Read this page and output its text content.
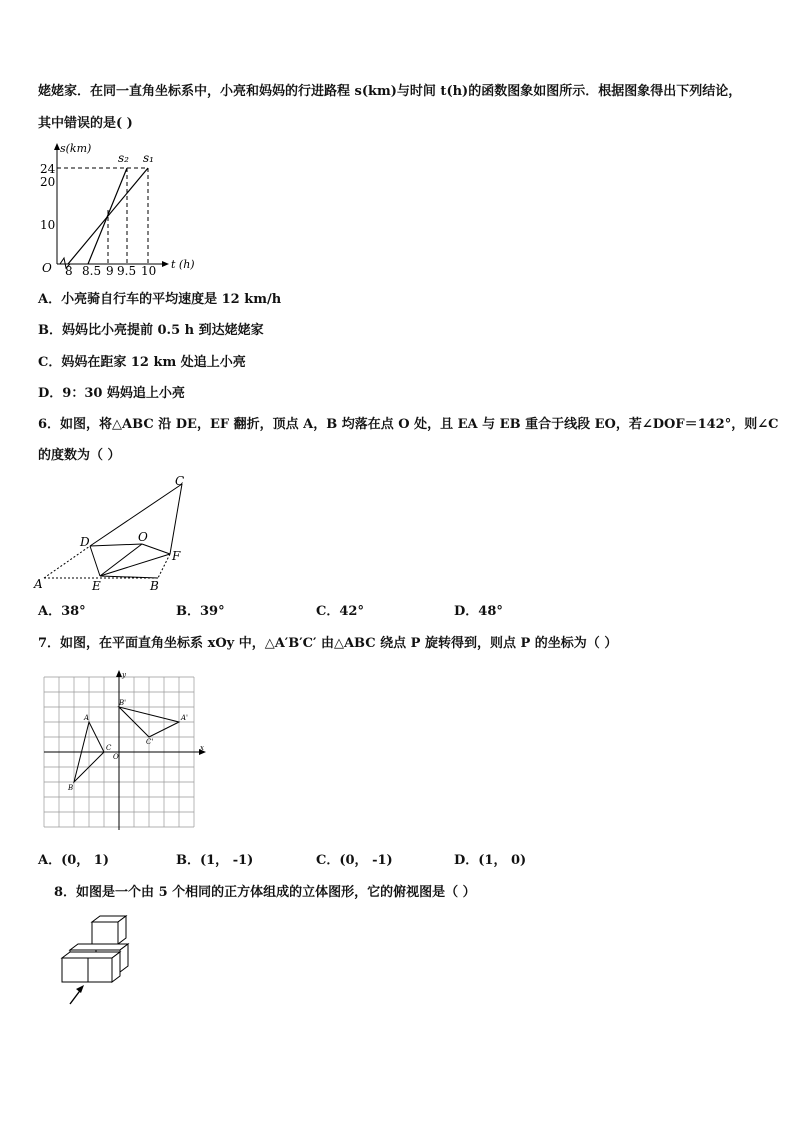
姥姥家．在同一直角坐标系中，小亮和妈妈的行进路程 s(km)与时间 t(h)的函数图象如图所示．根据图象得出下列结论，
其中错误的是( )
s(km)
t (h)
O
24
20
10
8 8.5 9 9.5 10
s₂ s₁
A．小亮骑自行车的平均速度是 12 km/h
B．妈妈比小亮提前 0.5 h 到达姥姥家
C．妈妈在距家 12 km 处追上小亮
D．9：30 妈妈追上小亮
6．如图，将△ABC 沿 DE，EF 翻折，顶点 A，B 均落在点 O 处，且 EA 与 EB 重合于线段 EO，若∠DOF＝142°，则∠C
的度数为（ ）
A	B
C
D
E
F
O
A．38°	B．39°	C．42°	D．48°
7．如图，在平面直角坐标系 xOy 中，△A′B′C′ 由△ABC 绕点 P 旋转得到，则点 P 的坐标为（ ）
A
B
C
O
A'
B'
C'
x
y
A．(0， 1)	B．(1， -1)	C．(0， -1)	D．(1， 0)
8．如图是一个由 5 个相同的正方体组成的立体图形，它的俯视图是（ ）
